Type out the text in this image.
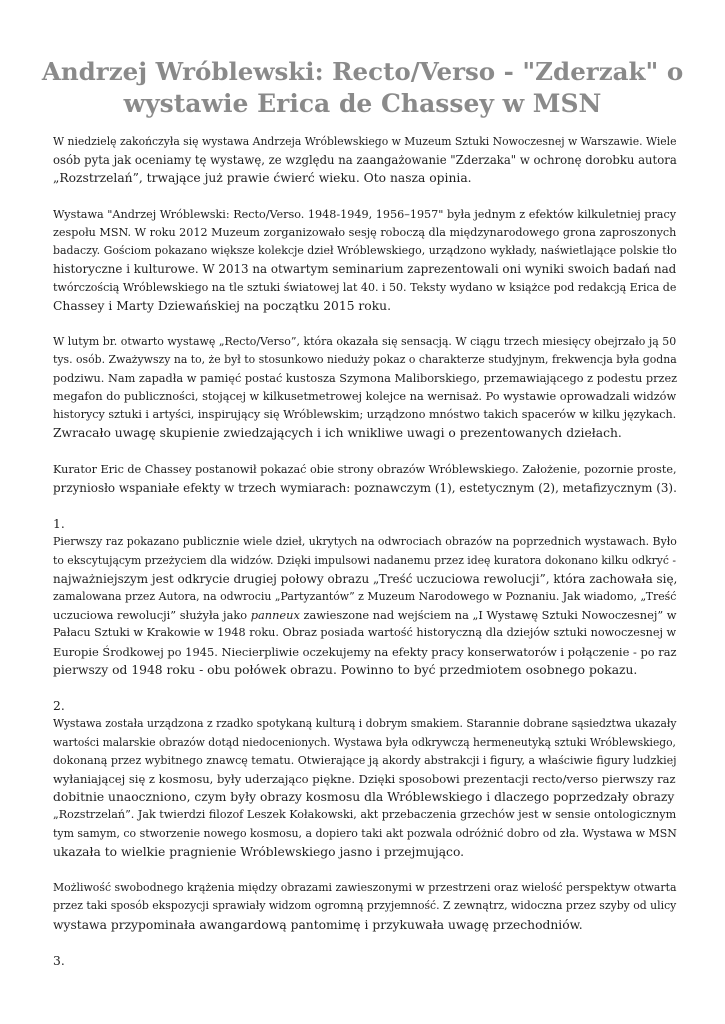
Andrzej Wróblewski: Recto/Verso - "Zderzak" o
wystawie Erica de Chassey w MSN

W niedzielę zakończyła się wystawa Andrzeja Wróblewskiego w Muzeum Sztuki Nowoczesnej w Warszawie. Wiele
osób pyta jak oceniamy tę wystawę, ze względu na zaangażowanie "Zderzaka" w ochronę dorobku autora
„Rozstrzelań”, trwające już prawie ćwierć wieku. Oto nasza opinia.

Wystawa "Andrzej Wróblewski: Recto/Verso. 1948-1949, 1956–1957" była jednym z efektów kilkuletniej pracy
zespołu MSN. W roku 2012 Muzeum zorganizowało sesję roboczą dla międzynarodowego grona zaproszonych
badaczy. Gościom pokazano większe kolekcje dzieł Wróblewskiego, urządzono wykłady, naświetlające polskie tło
historyczne i kulturowe. W 2013 na otwartym seminarium zaprezentowali oni wyniki swoich badań nad
twórczością Wróblewskiego na tle sztuki światowej lat 40. i 50. Teksty wydano w książce pod redakcją Erica de
Chassey i Marty Dziewańskiej na początku 2015 roku.

W lutym br. otwarto wystawę „Recto/Verso”, która okazała się sensacją. W ciągu trzech miesięcy obejrzało ją 50
tys. osób. Zważywszy na to, że był to stosunkowo nieduży pokaz o charakterze studyjnym, frekwencja była godna
podziwu. Nam zapadła w pamięć postać kustosza Szymona Maliborskiego, przemawiającego z podestu przez
megafon do publiczności, stojącej w kilkusetmetrowej kolejce na wernisaż. Po wystawie oprowadzali widzów
historycy sztuki i artyści, inspirujący się Wróblewskim; urządzono mnóstwo takich spacerów w kilku językach.
Zwracało uwagę skupienie zwiedzających i ich wnikliwe uwagi o prezentowanych dziełach.

Kurator Eric de Chassey postanowił pokazać obie strony obrazów Wróblewskiego. Założenie, pozornie proste,
przyniosło wspaniałe efekty w trzech wymiarach: poznawczym (1), estetycznym (2), metafizycznym (3).

1.
Pierwszy raz pokazano publicznie wiele dzieł, ukrytych na odwrociach obrazów na poprzednich wystawach. Było
to ekscytującym przeżyciem dla widzów. Dzięki impulsowi nadanemu przez ideę kuratora dokonano kilku odkryć -
najważniejszym jest odkrycie drugiej połowy obrazu „Treść uczuciowa rewolucji”, która zachowała się,
zamalowana przez Autora, na odwrociu „Partyzantów” z Muzeum Narodowego w Poznaniu. Jak wiadomo, „Treść
uczuciowa rewolucji” służyła jako panneux zawieszone nad wejściem na „I Wystawę Sztuki Nowoczesnej” w
Pałacu Sztuki w Krakowie w 1948 roku. Obraz posiada wartość historyczną dla dziejów sztuki nowoczesnej w
Europie Środkowej po 1945. Niecierpliwie oczekujemy na efekty pracy konserwatorów i połączenie - po raz
pierwszy od 1948 roku - obu połówek obrazu. Powinno to być przedmiotem osobnego pokazu.

2.
Wystawa została urządzona z rzadko spotykaną kulturą i dobrym smakiem. Starannie dobrane sąsiedztwa ukazały
wartości malarskie obrazów dotąd niedocenionych. Wystawa była odkrywczą hermeneutyką sztuki Wróblewskiego,
dokonaną przez wybitnego znawcę tematu. Otwierające ją akordy abstrakcji i figury, a właściwie figury ludzkiej
wyłaniającej się z kosmosu, były uderzająco piękne. Dzięki sposobowi prezentacji recto/verso pierwszy raz
dobitnie unaoczniono, czym były obrazy kosmosu dla Wróblewskiego i dlaczego poprzedzały obrazy
„Rozstrzelań”. Jak twierdzi filozof Leszek Kołakowski, akt przebaczenia grzechów jest w sensie ontologicznym
tym samym, co stworzenie nowego kosmosu, a dopiero taki akt pozwala odróżnić dobro od zła. Wystawa w MSN
ukazała to wielkie pragnienie Wróblewskiego jasno i przejmująco.

Możliwość swobodnego krążenia między obrazami zawieszonymi w przestrzeni oraz wielość perspektyw otwarta
przez taki sposób ekspozycji sprawiały widzom ogromną przyjemność. Z zewnątrz, widoczna przez szyby od ulicy
wystawa przypominała awangardową pantomimę i przykuwała uwagę przechodniów.

3.
